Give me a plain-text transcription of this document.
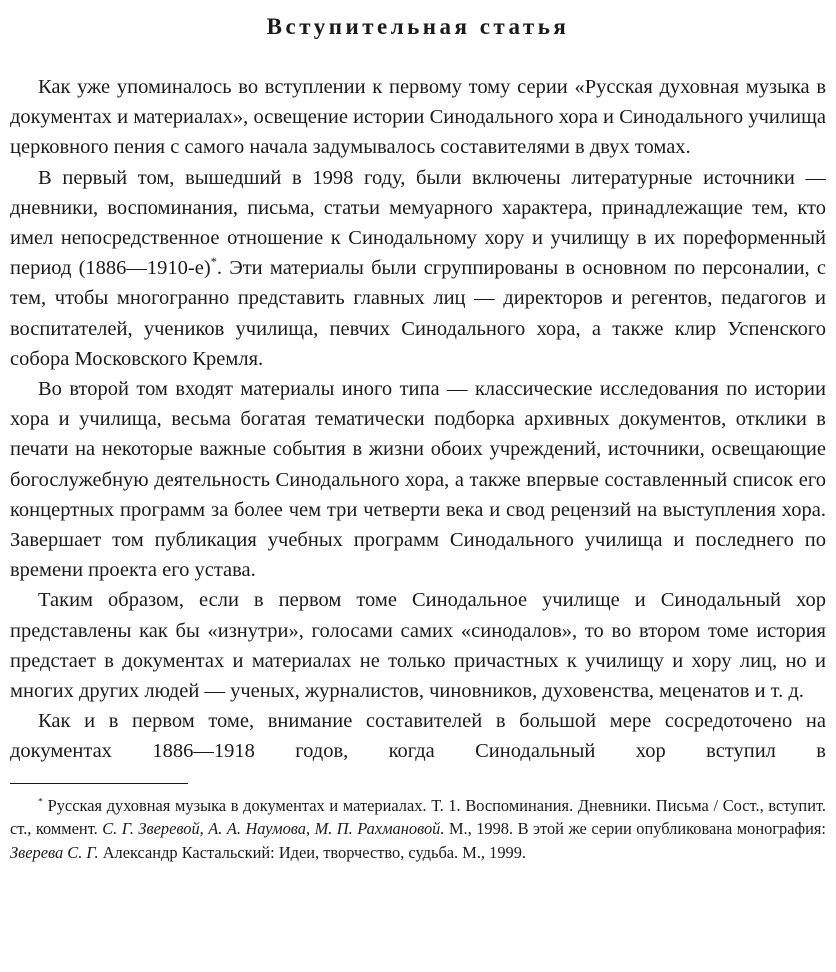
Вступительная статья

Как уже упоминалось во вступлении к первому тому серии «Русская духовная музыка в документах и материалах», освещение истории Синодального хора и Синодального училища церковного пения с самого начала задумывалось составителями в двух томах.

В первый том, вышедший в 1998 году, были включены литературные источники — дневники, воспоминания, письма, статьи мемуарного характера, принадлежащие тем, кто имел непосредственное отношение к Синодальному хору и училищу в их пореформенный период (1886—1910-е)*. Эти материалы были сгруппированы в основном по персоналии, с тем, чтобы многогранно представить главных лиц — директоров и регентов, педагогов и воспитателей, учеников училища, певчих Синодального хора, а также клир Успенского собора Московского Кремля.

Во второй том входят материалы иного типа — классические исследования по истории хора и училища, весьма богатая тематически подборка архивных документов, отклики в печати на некоторые важные события в жизни обоих учреждений, источники, освещающие богослужебную деятельность Синодального хора, а также впервые составленный список его концертных программ за более чем три четверти века и свод рецензий на выступления хора. Завершает том публикация учебных программ Синодального училища и последнего по времени проекта его устава.

Таким образом, если в первом томе Синодальное училище и Синодальный хор представлены как бы «изнутри», голосами самих «синодалов», то во втором томе история предстает в документах и материалах не только причастных к училищу и хору лиц, но и многих других людей — ученых, журналистов, чиновников, духовенства, меценатов и т. д.

Как и в первом томе, внимание составителей в большой мере сосредоточено на документах 1886—1918 годов, когда Синодальный хор вступил в

* Русская духовная музыка в документах и материалах. Т. 1. Воспоминания. Дневники. Письма / Сост., вступит. ст., коммент. С. Г. Зверевой, А. А. Наумова, М. П. Рахмановой. М., 1998. В этой же серии опубликована монография: Зверева С. Г. Александр Кастальский: Идеи, творчество, судьба. М., 1999.
